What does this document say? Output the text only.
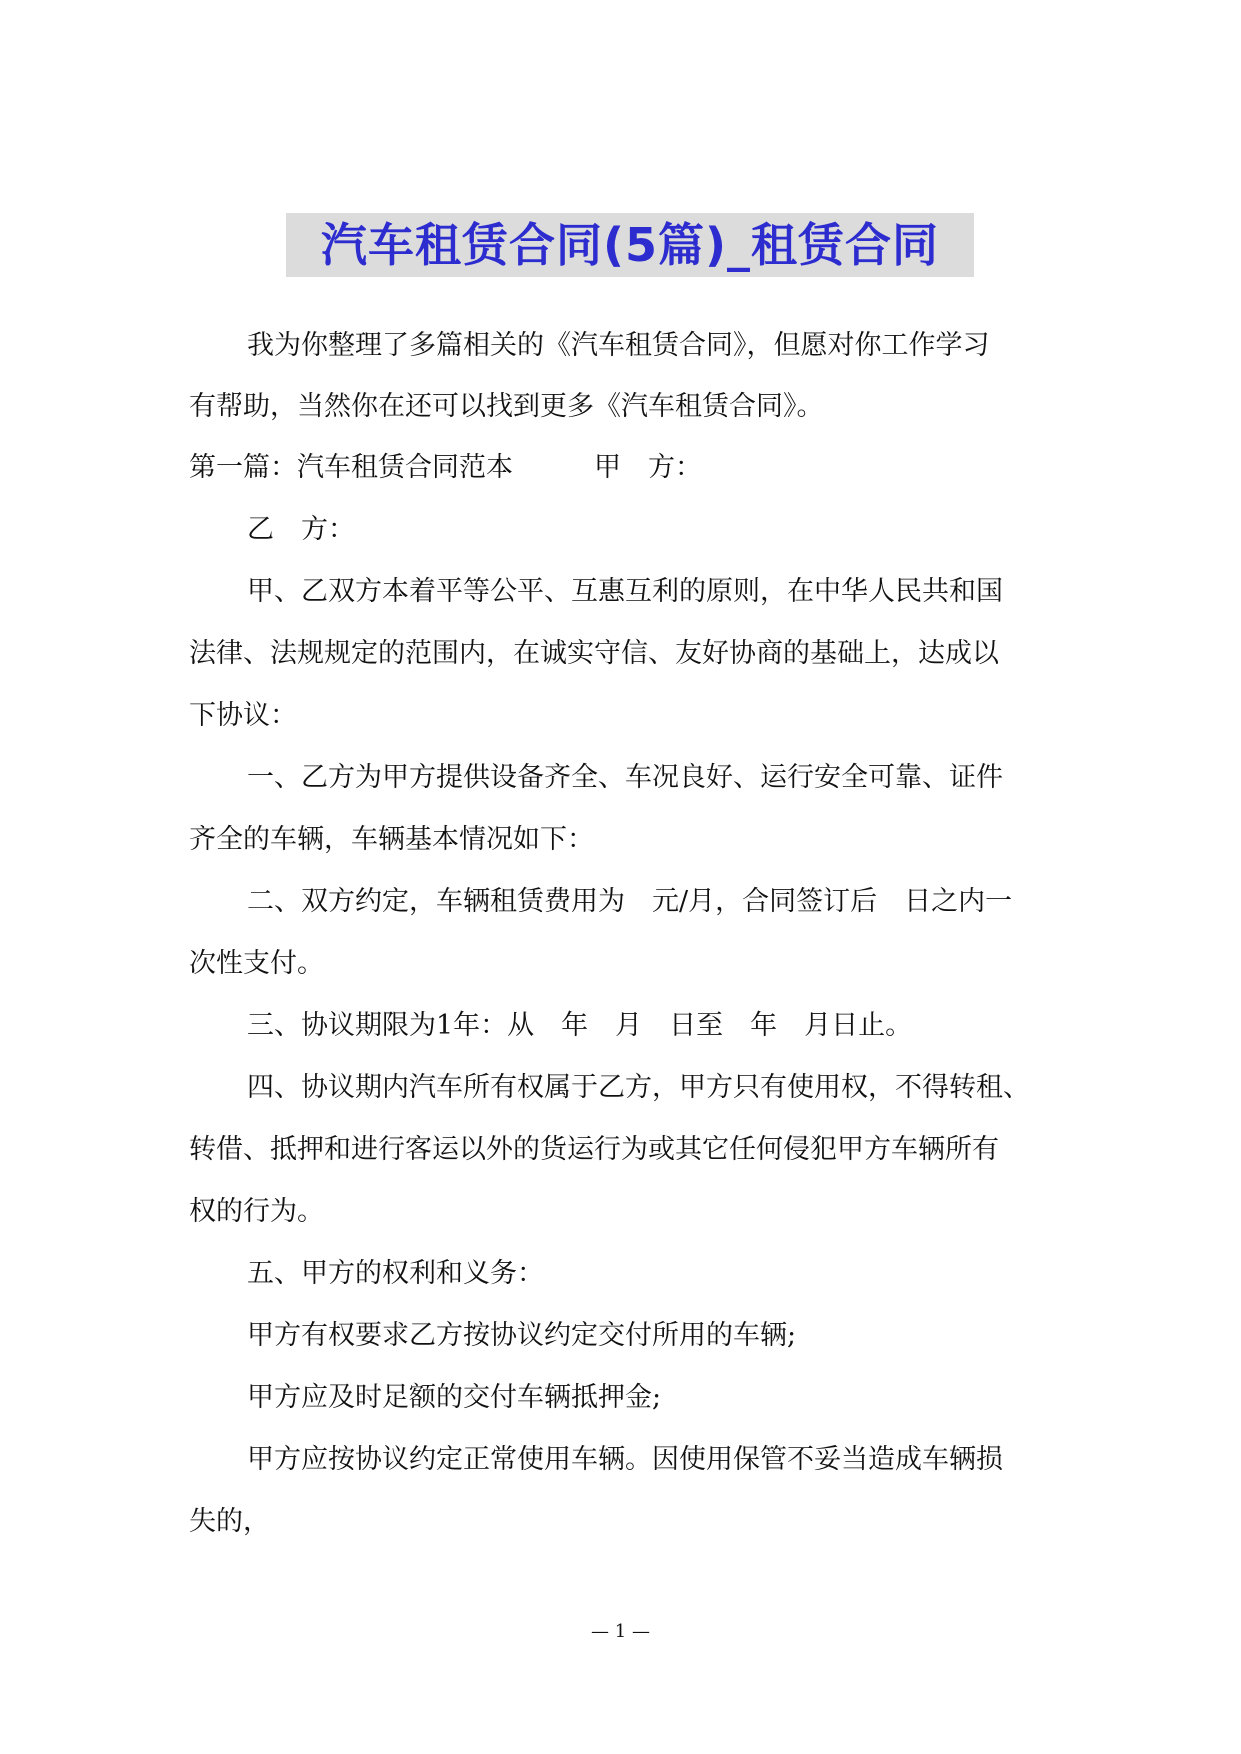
汽车租赁合同(5篇)_租赁合同
我为你整理了多篇相关的《汽车租赁合同》，但愿对你工作学习
有帮助，当然你在还可以找到更多《汽车租赁合同》。
第一篇：汽车租赁合同范本　　　甲　方：
乙　方：
甲、乙双方本着平等公平、互惠互利的原则，在中华人民共和国
法律、法规规定的范围内，在诚实守信、友好协商的基础上，达成以
下协议：
一、乙方为甲方提供设备齐全、车况良好、运行安全可靠、证件
齐全的车辆，车辆基本情况如下：
二、双方约定，车辆租赁费用为　元/月，合同签订后　日之内一
次性支付。
三、协议期限为1年：从　年　月　日至　年　月日止。
四、协议期内汽车所有权属于乙方，甲方只有使用权，不得转租、
转借、抵押和进行客运以外的货运行为或其它任何侵犯甲方车辆所有
权的行为。
五、甲方的权利和义务：
甲方有权要求乙方按协议约定交付所用的车辆;
甲方应及时足额的交付车辆抵押金;
甲方应按协议约定正常使用车辆。因使用保管不妥当造成车辆损
失的，
— 1 —
